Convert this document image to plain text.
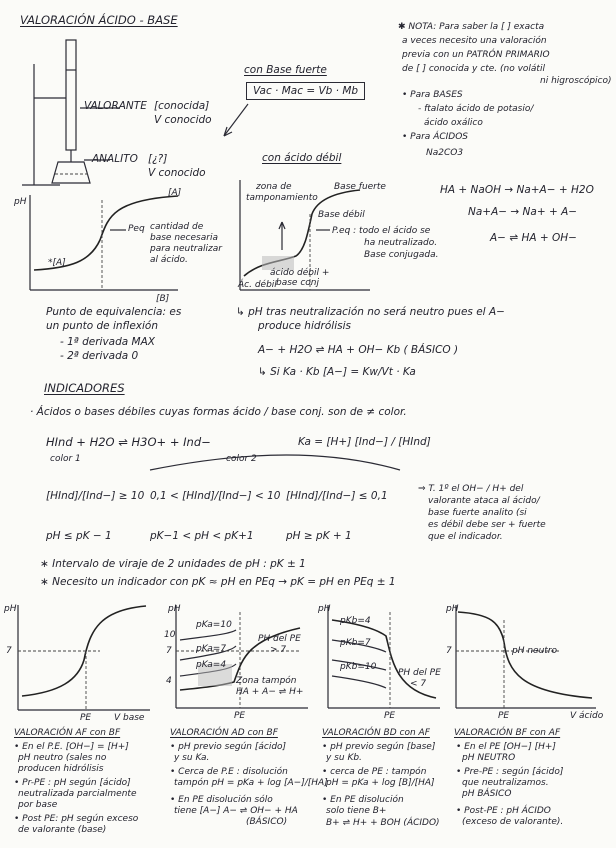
VALORACIÓN ÁCIDO - BASE
VALORANTE [conocida]
V conocido
ANALITO [¿?]
V conocido
con Base fuerte
Vac · Mac = Vb · Mb
✱ NOTA: Para saber la [ ] exacta
a veces necesito una valoración
previa con un PATRÓN PRIMARIO
de [ ] conocida y cte. (no volátil
ni higroscópico)
• Para BASES
- ftalato ácido de potasio/
ácido oxálico
• Para ÁCIDOS
Na2CO3
pH
[B]
[A]
*[A]
Peq cantidad de
base necesaria
para neutralizar
al ácido.
con ácido débil
zona de
tamponamiento
Base fuerte
Base débil
P.eq : todo el ácido se
ha neutralizado.
Base conjugada.
ácido débil +
base conj
Ác. débil
HA + NaOH → Na+A− + H2O
Na+A− → Na+ + A−
A− ⇌ HA + OH−
Punto de equivalencia: es
un punto de inflexión
- 1ª derivada MAX
- 2ª derivada 0
↳ pH tras neutralización no será neutro pues el A−
produce hidrólisis
A− + H2O ⇌ HA + OH− Kb ( BÁSICO )
↳ Si Ka · Kb [A−] = Kw/Vt · Ka
INDICADORES
· Ácidos o bases débiles cuyas formas ácido / base conj. son de ≠ color.
HInd + H2O ⇌ H3O+ + Ind−
color 1	color 2
Ka = [H+] [Ind−] / [HInd]
[HInd]/[Ind−] ≥ 10 0,1 < [HInd]/[Ind−] < 10 [HInd]/[Ind−] ≤ 0,1
pH ≤ pK − 1	pK−1 < pH < pK+1	pH ≥ pK + 1
⇒ T. 1º el OH− / H+ del
valorante ataca al ácido/
base fuerte analito (si
es débil debe ser + fuerte
que el indicador.
∗ Intervalo de viraje de 2 unidades de pH : pK ± 1
∗ Necesito un indicador con pK ≈ pH en PEq → pK = pH en PEq ± 1
pH
7
PE	V base
VALORACIÓN AF con BF
• En el P.E. [OH−] = [H+]
pH neutro (sales no
producen hidrólisis
• Pr-PE : pH según [ácido]
neutralizada parcialmente
por base
• Post PE: pH según exceso
de valorante (base)
pH
10
7
4
pKa=10
pKa=7
pKa=4
PH del PE
> 7
Zona tampón
HA + A− ⇌ H+
PE
VALORACIÓN AD con BF
• pH previo según [ácido]
y su Ka.
• Cerca de P.E : disolución
tampón pH = pKa + log [A−]/[HA]
• En PE disolución sólo
tiene [A−] A− ⇌ OH− + HA
(BÁSICO)
pH
pKb=4
pKb=7
pKb=10
PH del PE
< 7
PE
VALORACIÓN BD con AF
• pH previo según [base]
y su Kb.
• cerca de PE : tampón
pH = pKa + log [B]/[HA]
• En PE disolución
solo tiene B+
B+ ⇌ H+ + BOH (ÁCIDO)
pH
7	pH neutro
PE	V ácido
VALORACIÓN BF con AF
• En el PE [OH−] [H+]
pH NEUTRO
• Pre-PE : según [ácido]
que neutralizamos.
pH BÁSICO
• Post-PE : pH ÁCIDO
(exceso de valorante).
